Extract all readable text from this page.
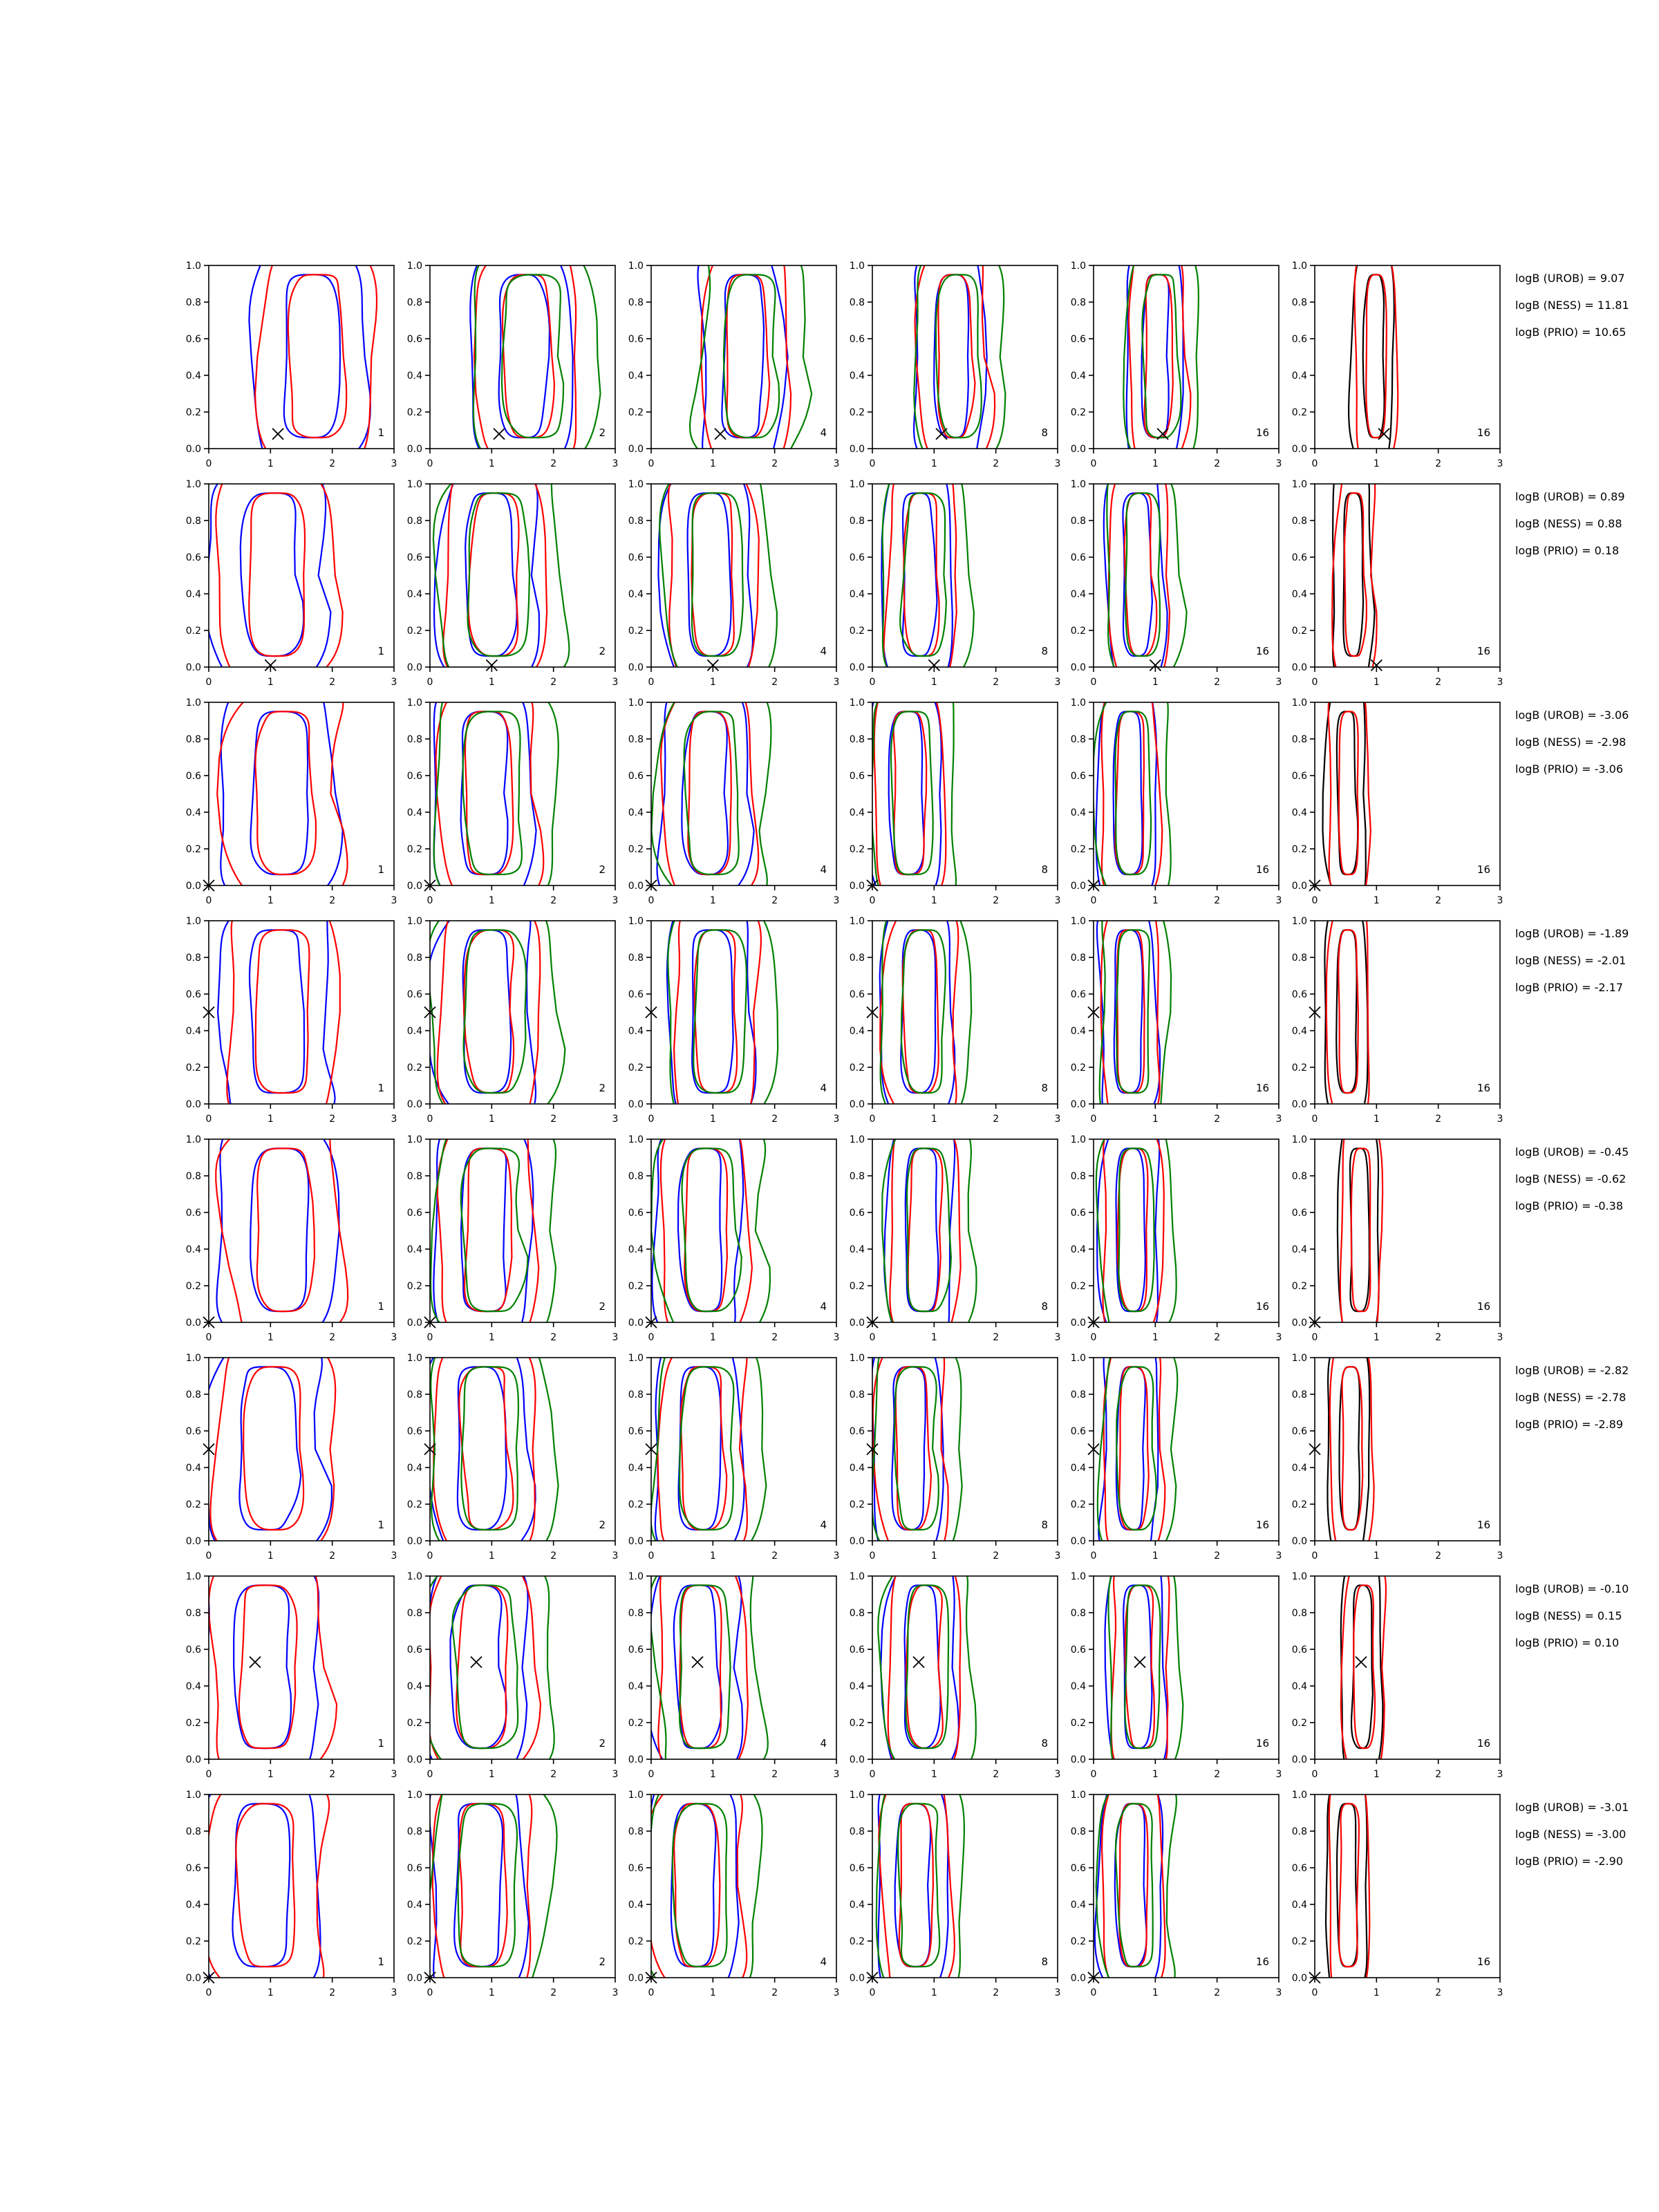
0	1	2	3
0.0
0.2
0.4
0.6
0.8
1.0
1
0	1	2	3
0.0
0.2
0.4
0.6
0.8
1.0
2
0	1	2	3
0.0
0.2
0.4
0.6
0.8
1.0
4
0	1	2	3
0.0
0.2
0.4
0.6
0.8
1.0
8
0	1	2	3
0.0
0.2
0.4
0.6
0.8
1.0
16
0	1	2	3
0.0
0.2
0.4
0.6
0.8
1.0
16
logB (UROB) = 9.07
logB (NESS) = 11.81
logB (PRIO) = 10.65
0	1	2	3
0.0
0.2
0.4
0.6
0.8
1.0
1
0	1	2	3
0.0
0.2
0.4
0.6
0.8
1.0
2
0	1	2	3
0.0
0.2
0.4
0.6
0.8
1.0
4
0	1	2	3
0.0
0.2
0.4
0.6
0.8
1.0
8
0	1	2	3
0.0
0.2
0.4
0.6
0.8
1.0
16
0	1	2	3
0.0
0.2
0.4
0.6
0.8
1.0
16
logB (UROB) = 0.89
logB (NESS) = 0.88
logB (PRIO) = 0.18
0	1	2	3
0.0
0.2
0.4
0.6
0.8
1.0
1
0	1	2	3
0.0
0.2
0.4
0.6
0.8
1.0
2
0	1	2	3
0.0
0.2
0.4
0.6
0.8
1.0
4
0	1	2	3
0.0
0.2
0.4
0.6
0.8
1.0
8
0	1	2	3
0.0
0.2
0.4
0.6
0.8
1.0
16
0	1	2	3
0.0
0.2
0.4
0.6
0.8
1.0
16
logB (UROB) = -3.06
logB (NESS) = -2.98
logB (PRIO) = -3.06
0	1	2	3
0.0
0.2
0.4
0.6
0.8
1.0
1
0	1	2	3
0.0
0.2
0.4
0.6
0.8
1.0
2
0	1	2	3
0.0
0.2
0.4
0.6
0.8
1.0
4
0	1	2	3
0.0
0.2
0.4
0.6
0.8
1.0
8
0	1	2	3
0.0
0.2
0.4
0.6
0.8
1.0
16
0	1	2	3
0.0
0.2
0.4
0.6
0.8
1.0
16
logB (UROB) = -1.89
logB (NESS) = -2.01
logB (PRIO) = -2.17
0	1	2	3
0.0
0.2
0.4
0.6
0.8
1.0
1
0	1	2	3
0.0
0.2
0.4
0.6
0.8
1.0
2
0	1	2	3
0.0
0.2
0.4
0.6
0.8
1.0
4
0	1	2	3
0.0
0.2
0.4
0.6
0.8
1.0
8
0	1	2	3
0.0
0.2
0.4
0.6
0.8
1.0
16
0	1	2	3
0.0
0.2
0.4
0.6
0.8
1.0
16
logB (UROB) = -0.45
logB (NESS) = -0.62
logB (PRIO) = -0.38
0	1	2	3
0.0
0.2
0.4
0.6
0.8
1.0
1
0	1	2	3
0.0
0.2
0.4
0.6
0.8
1.0
2
0	1	2	3
0.0
0.2
0.4
0.6
0.8
1.0
4
0	1	2	3
0.0
0.2
0.4
0.6
0.8
1.0
8
0	1	2	3
0.0
0.2
0.4
0.6
0.8
1.0
16
0	1	2	3
0.0
0.2
0.4
0.6
0.8
1.0
16
logB (UROB) = -2.82
logB (NESS) = -2.78
logB (PRIO) = -2.89
0	1	2	3
0.0
0.2
0.4
0.6
0.8
1.0
1
0	1	2	3
0.0
0.2
0.4
0.6
0.8
1.0
2
0	1	2	3
0.0
0.2
0.4
0.6
0.8
1.0
4
0	1	2	3
0.0
0.2
0.4
0.6
0.8
1.0
8
0	1	2	3
0.0
0.2
0.4
0.6
0.8
1.0
16
0	1	2	3
0.0
0.2
0.4
0.6
0.8
1.0
16
logB (UROB) = -0.10
logB (NESS) = 0.15
logB (PRIO) = 0.10
0	1	2	3
0.0
0.2
0.4
0.6
0.8
1.0
1
0	1	2	3
0.0
0.2
0.4
0.6
0.8
1.0
2
0	1	2	3
0.0
0.2
0.4
0.6
0.8
1.0
4
0	1	2	3
0.0
0.2
0.4
0.6
0.8
1.0
8
0	1	2	3
0.0
0.2
0.4
0.6
0.8
1.0
16
0	1	2	3
0.0
0.2
0.4
0.6
0.8
1.0
16
logB (UROB) = -3.01
logB (NESS) = -3.00
logB (PRIO) = -2.90
